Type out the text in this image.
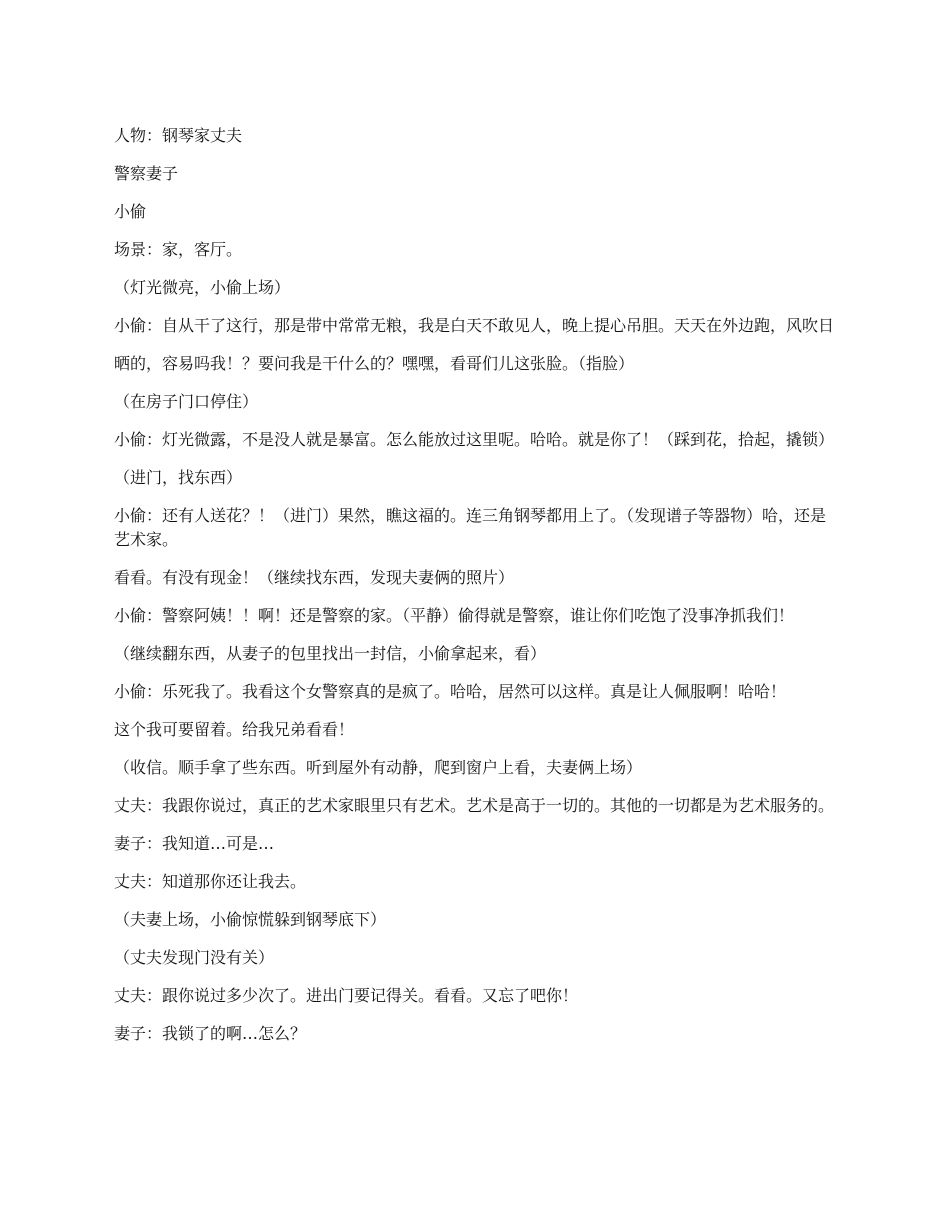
人物：钢琴家丈夫

警察妻子

小偷

场景：家，客厅。

（灯光微亮，小偷上场）

小偷：自从干了这行，那是带中常常无粮，我是白天不敢见人，晚上提心吊胆。天天在外边跑，风吹日

晒的，容易吗我！？要问我是干什么的？嘿嘿，看哥们儿这张脸。（指脸）

（在房子门口停住）

小偷：灯光微露，不是没人就是暴富。怎么能放过这里呢。哈哈。就是你了！（踩到花，拾起，撬锁）

（进门，找东西）

小偷：还有人送花？！（进门）果然，瞧这福的。连三角钢琴都用上了。（发现谱子等器物）哈，还是艺术家。

看看。有没有现金！（继续找东西，发现夫妻俩的照片）

小偷：警察阿姨！！啊！还是警察的家。（平静）偷得就是警察，谁让你们吃饱了没事净抓我们！

（继续翻东西，从妻子的包里找出一封信，小偷拿起来，看）

小偷：乐死我了。我看这个女警察真的是疯了。哈哈，居然可以这样。真是让人佩服啊！哈哈！

这个我可要留着。给我兄弟看看！

（收信。顺手拿了些东西。听到屋外有动静，爬到窗户上看，夫妻俩上场）

丈夫：我跟你说过，真正的艺术家眼里只有艺术。艺术是高于一切的。其他的一切都是为艺术服务的。

妻子：我知道…可是…

丈夫：知道那你还让我去。

（夫妻上场，小偷惊慌躲到钢琴底下）

（丈夫发现门没有关）

丈夫：跟你说过多少次了。进出门要记得关。看看。又忘了吧你！

妻子：我锁了的啊…怎么？
